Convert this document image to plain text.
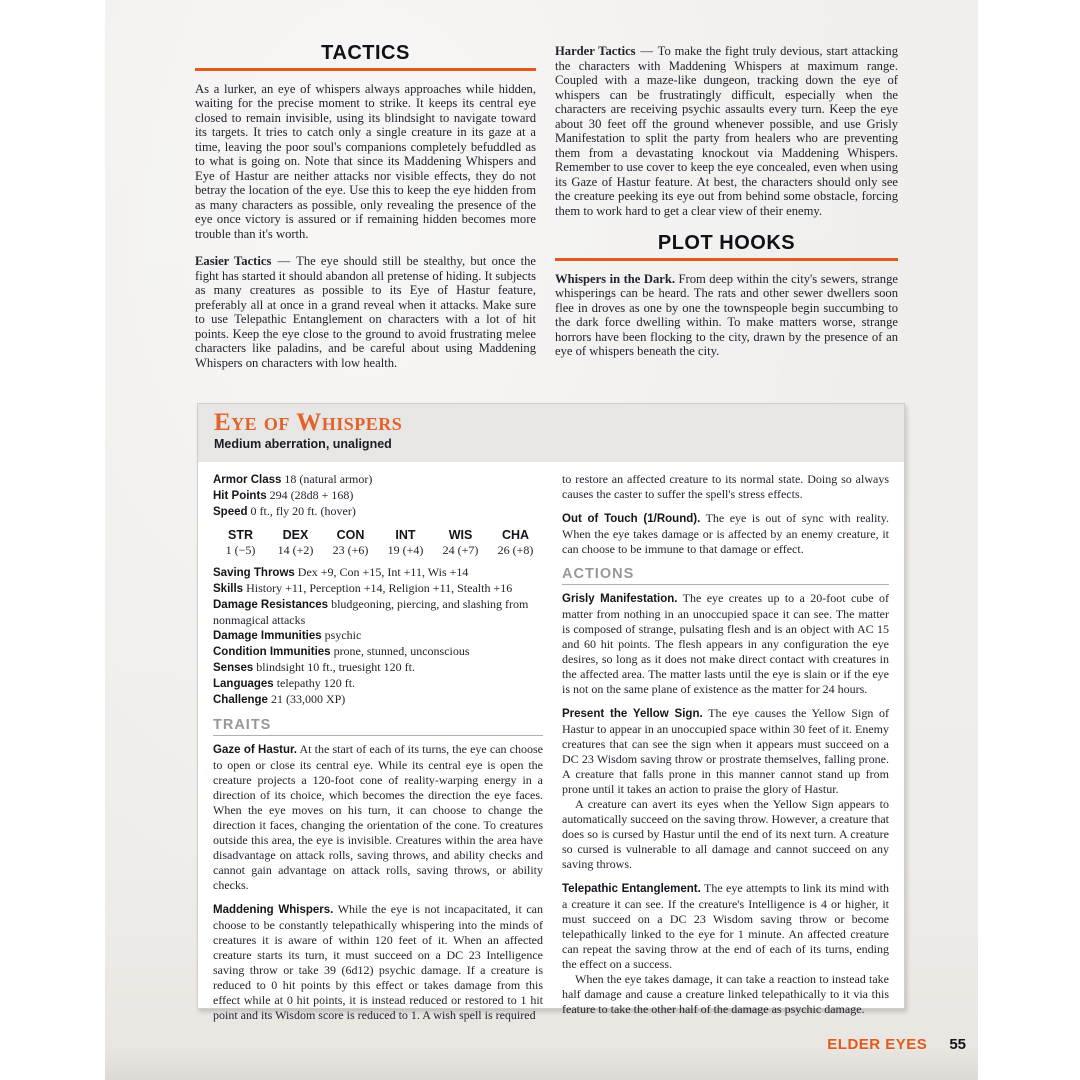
TACTICS

As a lurker, an eye of whispers always approaches while hidden, waiting for the precise moment to strike. It keeps its central eye closed to remain invisible, using its blindsight to navigate toward its targets. It tries to catch only a single creature in its gaze at a time, leaving the poor soul's companions completely befuddled as to what is going on. Note that since its Maddening Whispers and Eye of Hastur are neither attacks nor visible effects, they do not betray the location of the eye. Use this to keep the eye hidden from as many characters as possible, only revealing the presence of the eye once victory is assured or if remaining hidden becomes more trouble than it's worth.

Easier Tactics — The eye should still be stealthy, but once the fight has started it should abandon all pretense of hiding. It subjects as many creatures as possible to its Eye of Hastur feature, preferably all at once in a grand reveal when it attacks. Make sure to use Telepathic Entanglement on characters with a lot of hit points. Keep the eye close to the ground to avoid frustrating melee characters like paladins, and be careful about using Maddening Whispers on characters with low health.

Harder Tactics — To make the fight truly devious, start attacking the characters with Maddening Whispers at maximum range. Coupled with a maze-like dungeon, tracking down the eye of whispers can be frustratingly difficult, especially when the characters are receiving psychic assaults every turn. Keep the eye about 30 feet off the ground whenever possible, and use Grisly Manifestation to split the party from healers who are preventing them from a devastating knockout via Maddening Whispers. Remember to use cover to keep the eye concealed, even when using its Gaze of Hastur feature. At best, the characters should only see the creature peeking its eye out from behind some obstacle, forcing them to work hard to get a clear view of their enemy.

PLOT HOOKS

Whispers in the Dark. From deep within the city's sewers, strange whisperings can be heard. The rats and other sewer dwellers soon flee in droves as one by one the townspeople begin succumbing to the dark force dwelling within. To make matters worse, strange horrors have been flocking to the city, drawn by the presence of an eye of whispers beneath the city.

Eye of Whispers
Medium aberration, unaligned

Armor Class 18 (natural armor)

Hit Points 294 (28d8 + 168)

Speed 0 ft., fly 20 ft. (hover)

STR
1 (−5)
DEX
14 (+2)
CON
23 (+6)
INT
19 (+4)
WIS
24 (+7)
CHA
26 (+8)

Saving Throws Dex +9, Con +15, Int +11, Wis +14

Skills History +11, Perception +14, Religion +11, Stealth +16

Damage Resistances bludgeoning, piercing, and slashing from nonmagical attacks

Damage Immunities psychic

Condition Immunities prone, stunned, unconscious

Senses blindsight 10 ft., truesight 120 ft.

Languages telepathy 120 ft.

Challenge 21 (33,000 XP)

TRAITS

Gaze of Hastur. At the start of each of its turns, the eye can choose to open or close its central eye. While its central eye is open the creature projects a 120-foot cone of reality-warping energy in a direction of its choice, which becomes the direction the eye faces. When the eye moves on his turn, it can choose to change the direction it faces, changing the orientation of the cone. To creatures outside this area, the eye is invisible. Creatures within the area have disadvantage on attack rolls, saving throws, and ability checks and cannot gain advantage on attack rolls, saving throws, or ability checks.

Maddening Whispers. While the eye is not incapacitated, it can choose to be constantly telepathically whispering into the minds of creatures it is aware of within 120 feet of it. When an affected creature starts its turn, it must succeed on a DC 23 Intelligence saving throw or take 39 (6d12) psychic damage. If a creature is reduced to 0 hit points by this effect or takes damage from this effect while at 0 hit points, it is instead reduced or restored to 1 hit point and its Wisdom score is reduced to 1. A wish spell is required

to restore an affected creature to its normal state. Doing so always causes the caster to suffer the spell's stress effects.

Out of Touch (1/Round). The eye is out of sync with reality. When the eye takes damage or is affected by an enemy creature, it can choose to be immune to that damage or effect.

ACTIONS

Grisly Manifestation. The eye creates up to a 20-foot cube of matter from nothing in an unoccupied space it can see. The matter is composed of strange, pulsating flesh and is an object with AC 15 and 60 hit points. The flesh appears in any configuration the eye desires, so long as it does not make direct contact with creatures in the affected area. The matter lasts until the eye is slain or if the eye is not on the same plane of existence as the matter for 24 hours.

Present the Yellow Sign. The eye causes the Yellow Sign of Hastur to appear in an unoccupied space within 30 feet of it. Enemy creatures that can see the sign when it appears must succeed on a DC 23 Wisdom saving throw or prostrate themselves, falling prone. A creature that falls prone in this manner cannot stand up from prone until it takes an action to praise the glory of Hastur.

A creature can avert its eyes when the Yellow Sign appears to automatically succeed on the saving throw. However, a creature that does so is cursed by Hastur until the end of its next turn. A creature so cursed is vulnerable to all damage and cannot succeed on any saving throws.

Telepathic Entanglement. The eye attempts to link its mind with a creature it can see. If the creature's Intelligence is 4 or higher, it must succeed on a DC 23 Wisdom saving throw or become telepathically linked to the eye for 1 minute. An affected creature can repeat the saving throw at the end of each of its turns, ending the effect on a success.

When the eye takes damage, it can take a reaction to instead take half damage and cause a creature linked telepathically to it via this feature to take the other half of the damage as psychic damage.

ELDER EYES 55
